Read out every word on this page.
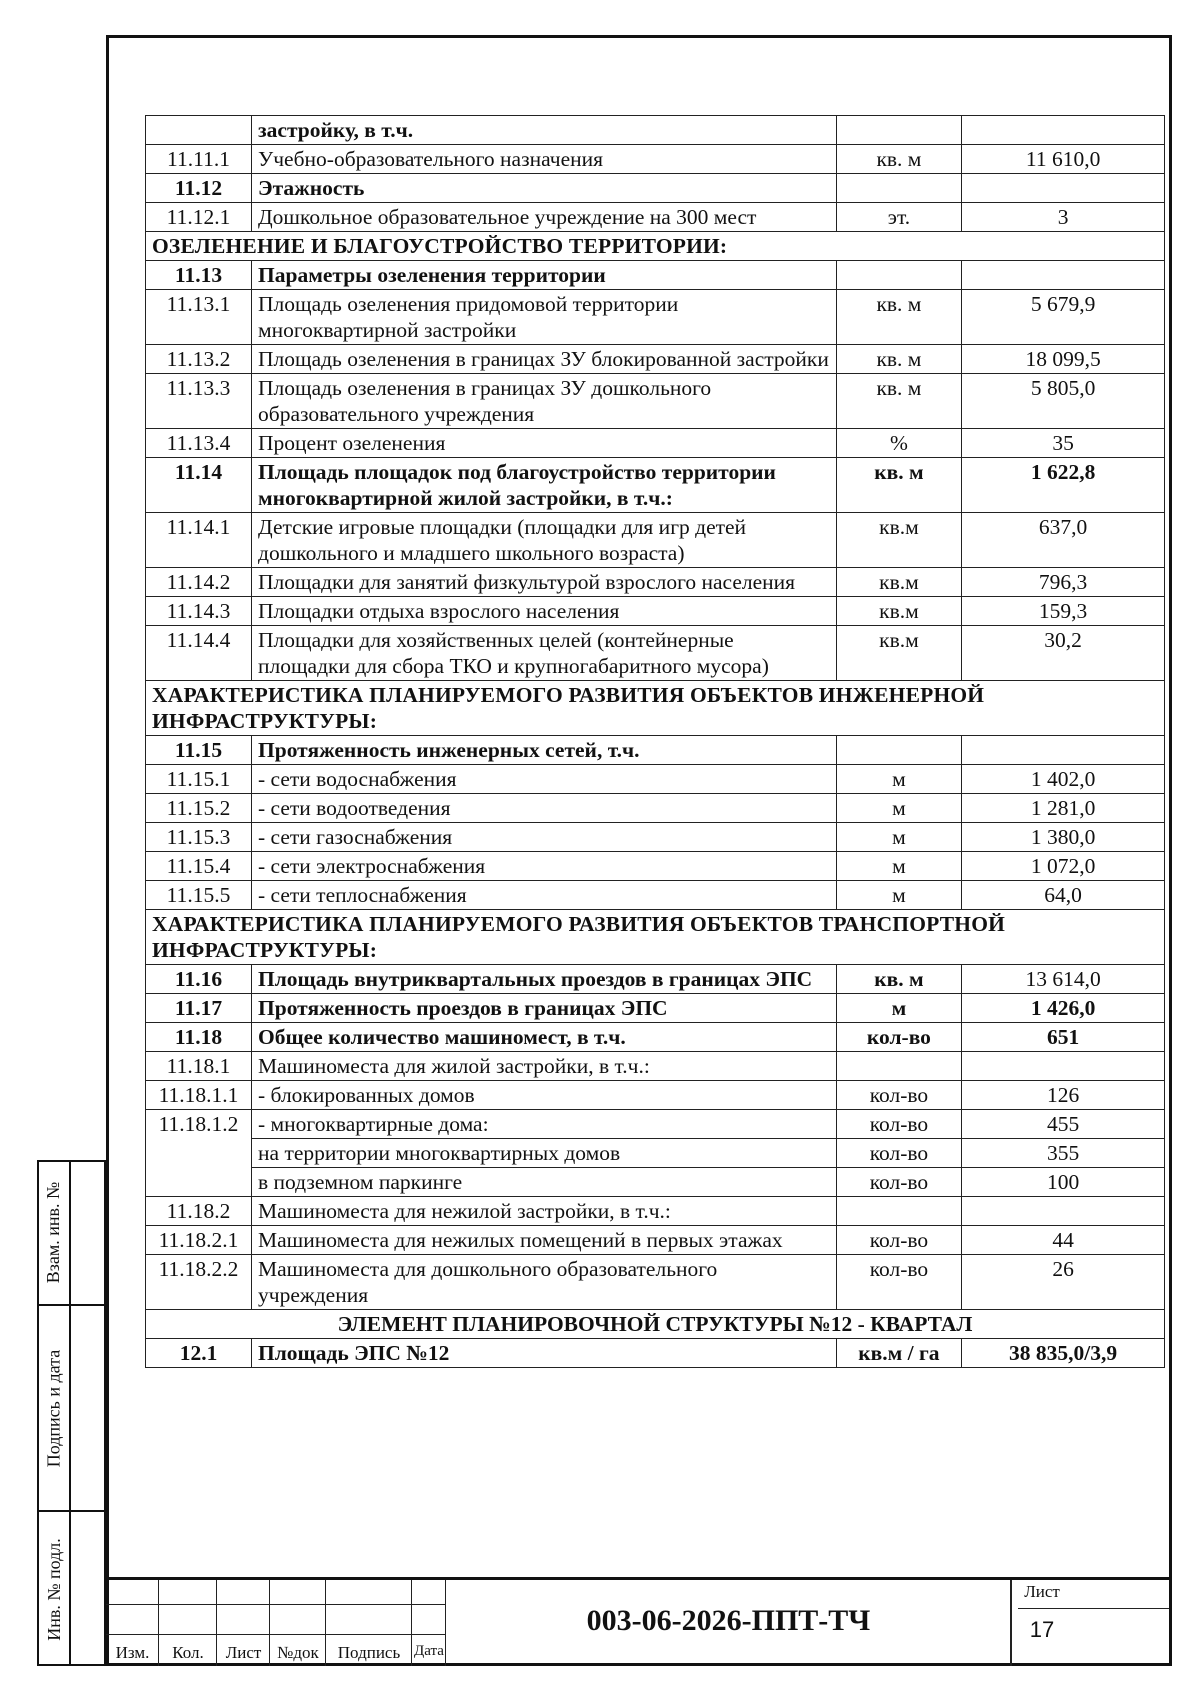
	застройку, в т.ч.		
11.11.1	Учебно-образовательного назначения	кв. м	11 610,0
11.12	Этажность		
11.12.1	Дошкольное образовательное учреждение на 300 мест	эт.	3
ОЗЕЛЕНЕНИЕ И БЛАГОУСТРОЙСТВО ТЕРРИТОРИИ:			
11.13	Параметры озеленения территории		
11.13.1	Площадь озеленения придомовой территории многоквартирной застройки	кв. м	5 679,9
11.13.2	Площадь озеленения в границах ЗУ блокированной застройки	кв. м	18 099,5
11.13.3	Площадь озеленения в границах ЗУ дошкольного образовательного учреждения	кв. м	5 805,0
11.13.4	Процент озеленения	%	35
11.14	Площадь площадок под благоустройство территории многоквартирной жилой застройки, в т.ч.:	кв. м	1 622,8
11.14.1	Детские игровые площадки (площадки для игр детей дошкольного и младшего школьного возраста)	кв.м	637,0
11.14.2	Площадки для занятий физкультурой взрослого населения	кв.м	796,3
11.14.3	Площадки отдыха взрослого населения	кв.м	159,3
11.14.4	Площадки для хозяйственных целей (контейнерные площадки для сбора ТКО и крупногабаритного мусора)	кв.м	30,2
ХАРАКТЕРИСТИКА ПЛАНИРУЕМОГО РАЗВИТИЯ ОБЪЕКТОВ ИНЖЕНЕРНОЙ ИНФРАСТРУКТУРЫ:			
11.15	Протяженность инженерных сетей, т.ч.		
11.15.1	- сети водоснабжения	м	1 402,0
11.15.2	- сети водоотведения	м	1 281,0
11.15.3	- сети газоснабжения	м	1 380,0
11.15.4	- сети электроснабжения	м	1 072,0
11.15.5	- сети теплоснабжения	м	64,0
ХАРАКТЕРИСТИКА ПЛАНИРУЕМОГО РАЗВИТИЯ ОБЪЕКТОВ ТРАНСПОРТНОЙ ИНФРАСТРУКТУРЫ:			
11.16	Площадь внутриквартальных проездов в границах ЭПС	кв. м	13 614,0
11.17	Протяженность проездов в границах ЭПС	м	1 426,0
11.18	Общее количество машиномест, в т.ч.	кол-во	651
11.18.1	Машиноместа для жилой застройки, в т.ч.:		
11.18.1.1	- блокированных домов	кол-во	126
11.18.1.2	- многоквартирные дома:	кол-во	455
	на территории многоквартирных домов	кол-во	355
	в подземном паркинге	кол-во	100
11.18.2	Машиноместа для нежилой застройки, в т.ч.:		
11.18.2.1	Машиноместа для нежилых помещений в первых этажах	кол-во	44
11.18.2.2	Машиноместа для дошкольного образовательного учреждения	кол-во	26
ЭЛЕМЕНТ ПЛАНИРОВОЧНОЙ СТРУКТУРЫ №12 - КВАРТАЛ			
12.1	Площадь ЭПС №12	кв.м / га	38 835,0/3,9
Изм.	Кол.	Лист №док	Подпись Дата
003-06-2026-ППТ-ТЧ
Лист
17
Взам. инв. №
Подпись и дата
Инв. № подл.
